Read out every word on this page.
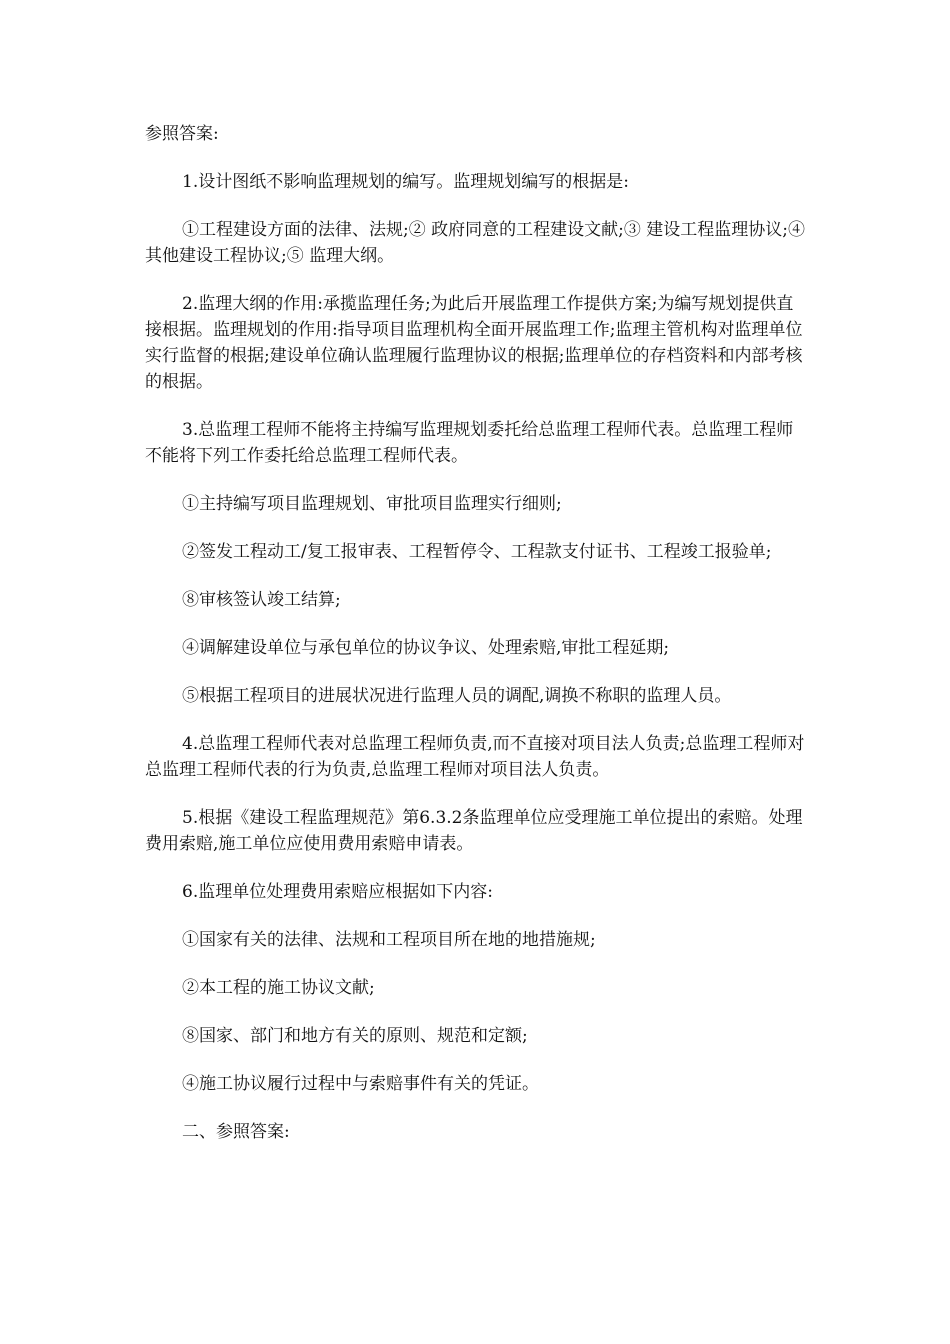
参照答案:

1.设计图纸不影响监理规划的编写。监理规划编写的根据是:

①工程建设方面的法律、法规;② 政府同意的工程建设文献;③ 建设工程监理协议;④ 其他建设工程协议;⑤ 监理大纲。

2.监理大纲的作用:承揽监理任务;为此后开展监理工作提供方案;为编写规划提供直接根据。监理规划的作用:指导项目监理机构全面开展监理工作;监理主管机构对监理单位实行监督的根据;建设单位确认监理履行监理协议的根据;监理单位的存档资料和内部考核的根据。

3.总监理工程师不能将主持编写监理规划委托给总监理工程师代表。总监理工程师不能将下列工作委托给总监理工程师代表。

①主持编写项目监理规划、审批项目监理实行细则;

②签发工程动工/复工报审表、工程暂停令、工程款支付证书、工程竣工报验单;

⑧审核签认竣工结算;

④调解建设单位与承包单位的协议争议、处理索赔,审批工程延期;

⑤根据工程项目的进展状况进行监理人员的调配,调换不称职的监理人员。

4.总监理工程师代表对总监理工程师负责,而不直接对项目法人负责;总监理工程师对总监理工程师代表的行为负责,总监理工程师对项目法人负责。

5.根据《建设工程监理规范》第6.3.2条监理单位应受理施工单位提出的索赔。处理费用索赔,施工单位应使用费用索赔申请表。

6.监理单位处理费用索赔应根据如下内容:

①国家有关的法律、法规和工程项目所在地的地措施规;

②本工程的施工协议文献;

⑧国家、部门和地方有关的原则、规范和定额;

④施工协议履行过程中与索赔事件有关的凭证。

二、参照答案:
